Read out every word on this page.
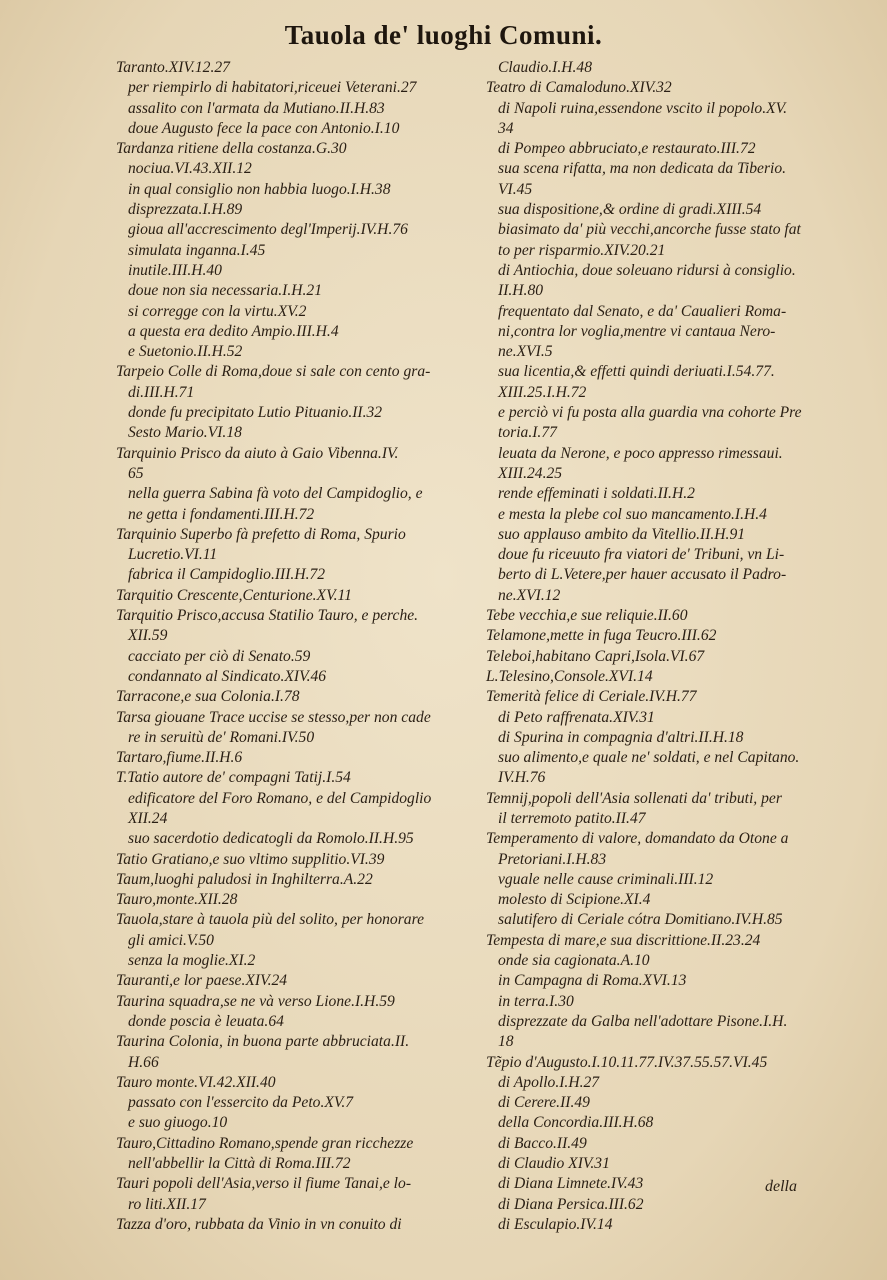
Tauola de' luoghi Comuni.
Taranto.XIV.12.27
per riempirlo di habitatori,riceuei Veterani.27
assalito con l'armata da Mutiano.II.H.83
doue Augusto fece la pace con Antonio.I.10
Tardanza ritiene della costanza.G.30
nociua.VI.43.XII.12
in qual consiglio non habbia luogo.I.H.38
disprezzata.I.H.89
gioua all'accrescimento degl'Imperij.IV.H.76
simulata inganna.I.45
inutile.III.H.40
doue non sia necessaria.I.H.21
si corregge con la virtu.XV.2
a questa era dedito Ampio.III.H.4
e Suetonio.II.H.52
Tarpeio Colle di Roma,doue si sale con cento gra-
di.III.H.71
donde fu precipitato Lutio Pituanio.II.32
Sesto Mario.VI.18
Tarquinio Prisco da aiuto à Gaio Vibenna.IV.
65
nella guerra Sabina fà voto del Campidoglio, e
ne getta i fondamenti.III.H.72
Tarquinio Superbo fà prefetto di Roma, Spurio
Lucretio.VI.11
fabrica il Campidoglio.III.H.72
Tarquitio Crescente,Centurione.XV.11
Tarquitio Prisco,accusa Statilio Tauro, e perche.
XII.59
cacciato per ciò di Senato.59
condannato al Sindicato.XIV.46
Tarracone,e sua Colonia.I.78
Tarsa giouane Trace uccise se stesso,per non cade
re in seruitù de' Romani.IV.50
Tartaro,fiume.II.H.6
T.Tatio autore de' compagni Tatij.I.54
edificatore del Foro Romano, e del Campidoglio
XII.24
suo sacerdotio dedicatogli da Romolo.II.H.95
Tatio Gratiano,e suo vltimo supplitio.VI.39
Taum,luoghi paludosi in Inghilterra.A.22
Tauro,monte.XII.28
Tauola,stare à tauola più del solito, per honorare
gli amici.V.50
senza la moglie.XI.2
Tauranti,e lor paese.XIV.24
Taurina squadra,se ne và verso Lione.I.H.59
donde poscia è leuata.64
Taurina Colonia, in buona parte abbruciata.II.
H.66
Tauro monte.VI.42.XII.40
passato con l'essercito da Peto.XV.7
e suo giuogo.10
Tauro,Cittadino Romano,spende gran ricchezze
nell'abbellir la Città di Roma.III.72
Tauri popoli dell'Asia,verso il fiume Tanai,e lo-
ro liti.XII.17
Tazza d'oro, rubbata da Vinio in vn conuito di
Claudio.I.H.48
Teatro di Camaloduno.XIV.32
di Napoli ruina,essendone vscito il popolo.XV.
34
di Pompeo abbruciato,e restaurato.III.72
sua scena rifatta, ma non dedicata da Tiberio.
VI.45
sua dispositione,& ordine di gradi.XIII.54
biasimato da' più vecchi,ancorche fusse stato fat
to per risparmio.XIV.20.21
di Antiochia, doue soleuano ridursi à consiglio.
II.H.80
frequentato dal Senato, e da' Caualieri Roma-
ni,contra lor voglia,mentre vi cantaua Nero-
ne.XVI.5
sua licentia,& effetti quindi deriuati.I.54.77.
XIII.25.I.H.72
e perciò vi fu posta alla guardia vna cohorte Pre
toria.I.77
leuata da Nerone, e poco appresso rimessaui.
XIII.24.25
rende effeminati i soldati.II.H.2
e mesta la plebe col suo mancamento.I.H.4
suo applauso ambito da Vitellio.II.H.91
doue fu riceuuto fra viatori de' Tribuni, vn Li-
berto di L.Vetere,per hauer accusato il Padro-
ne.XVI.12
Tebe vecchia,e sue reliquie.II.60
Telamone,mette in fuga Teucro.III.62
Teleboi,habitano Capri,Isola.VI.67
L.Telesino,Console.XVI.14
Temerità felice di Ceriale.IV.H.77
di Peto raffrenata.XIV.31
di Spurina in compagnia d'altri.II.H.18
suo alimento,e quale ne' soldati, e nel Capitano.
IV.H.76
Temnij,popoli dell'Asia sollenati da' tributi, per
il terremoto patito.II.47
Temperamento di valore, domandato da Otone a
Pretoriani.I.H.83
vguale nelle cause criminali.III.12
molesto di Scipione.XI.4
salutifero di Ceriale cótra Domitiano.IV.H.85
Tempesta di mare,e sua discrittione.II.23.24
onde sia cagionata.A.10
in Campagna di Roma.XVI.13
in terra.I.30
disprezzate da Galba nell'adottare Pisone.I.H.
18
Tẽpio d'Augusto.I.10.11.77.IV.37.55.57.VI.45
di Apollo.I.H.27
di Cerere.II.49
della Concordia.III.H.68
di Bacco.II.49
di Claudio XIV.31
di Diana Limnete.IV.43
di Diana Persica.III.62
di Esculapio.IV.14
della
